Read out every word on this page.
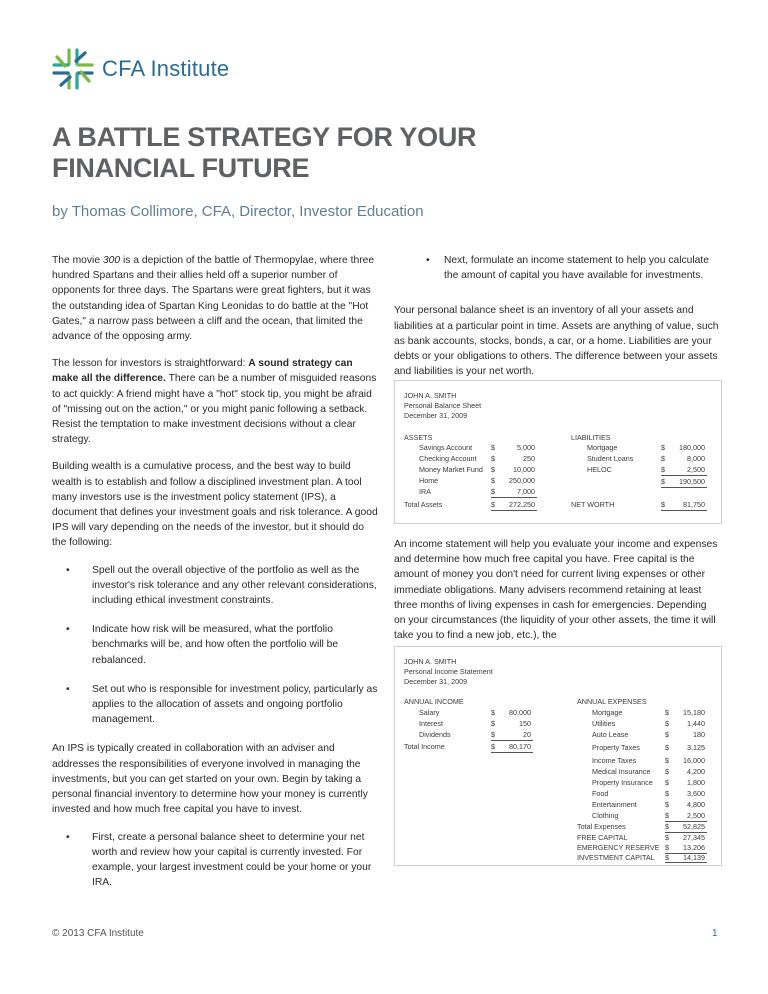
CFA Institute
A BATTLE STRATEGY FOR YOUR
FINANCIAL FUTURE
by Thomas Collimore, CFA, Director, Investor Education

The movie 300 is a depiction of the battle of Thermopylae, where three hundred Spartans and their allies held off a superior number of opponents for three days. The Spartans were great fighters, but it was the outstanding idea of Spartan King Leonidas to do battle at the "Hot Gates," a narrow pass between a cliff and the ocean, that limited the advance of the opposing army.

The lesson for investors is straightforward: A sound strategy can make all the difference. There can be a number of misguided reasons to act quickly: A friend might have a "hot" stock tip, you might be afraid of "missing out on the action," or you might panic following a setback. Resist the temptation to make investment decisions without a clear strategy.

Building wealth is a cumulative process, and the best way to build wealth is to establish and follow a disciplined investment plan. A tool many investors use is the investment policy statement (IPS), a document that defines your investment goals and risk tolerance. A good IPS will vary depending on the needs of the investor, but it should do the following:

•	Spell out the overall objective of the portfolio as well as the investor's risk tolerance and any other relevant considerations, including ethical investment constraints.
•	Indicate how risk will be measured, what the portfolio benchmarks will be, and how often the portfolio will be rebalanced.
•	Set out who is responsible for investment policy, particularly as applies to the allocation of assets and ongoing portfolio management.

An IPS is typically created in collaboration with an adviser and addresses the responsibilities of everyone involved in managing the investments, but you can get started on your own. Begin by taking a personal financial inventory to determine how your money is currently invested and how much free capital you have to invest.

•	First, create a personal balance sheet to determine your net worth and review how your capital is currently invested. For example, your largest investment could be your home or your IRA.
•	Next, formulate an income statement to help you calculate the amount of capital you have available for investments.

Your personal balance sheet is an inventory of all your assets and liabilities at a particular point in time. Assets are anything of value, such as bank accounts, stocks, bonds, a car, or a home. Liabilities are your debts or your obligations to others. The difference between your assets and liabilities is your net worth.

JOHN A. SMITH
Personal Balance Sheet
December 31, 2009
ASSETS	LIABILITIES
Savings Account	$	5,000
Checking Account $	250
Money Market Fund $	10,000
Home	$	250,000
IRA	$	7,000
Total Assets	$	272,250
Mortgage	$	180,000
Student Loans	$	8,000
HELOC	$	2,500
$	190,500
NET WORTH	$	81,750

An income statement will help you evaluate your income and expenses and determine how much free capital you have. Free capital is the amount of money you don't need for current living expenses or other immediate obligations. Many advisers recommend retaining at least three months of living expenses in cash for emergencies. Depending on your circumstances (the liquidity of your other assets, the time it will take you to find a new job, etc.), the

JOHN A. SMITH
Personal Income Statement
December 31, 2009
ANNUAL INCOME	ANNUAL EXPENSES
Salary	$	80,000
Interest	$	150
Dividends	$	20
Total Income	$	80,170
Mortgage	$	15,180
Utilities	$	1,440
Auto Lease	$	180
Property Taxes	$	3,125
Income Taxes	$	16,000
Medical Insurance $	4,200
Property Insurance $	1,800
Food	$	3,600
Entertainment	$	4,800
Clothing	$	2,500
Total Expenses	$	52,825
FREE CAPITAL	$	27,345
EMERGENCY RESERVE $	13,206
INVESTMENT CAPITAL $	14,139
© 2013 CFA Institute	1
